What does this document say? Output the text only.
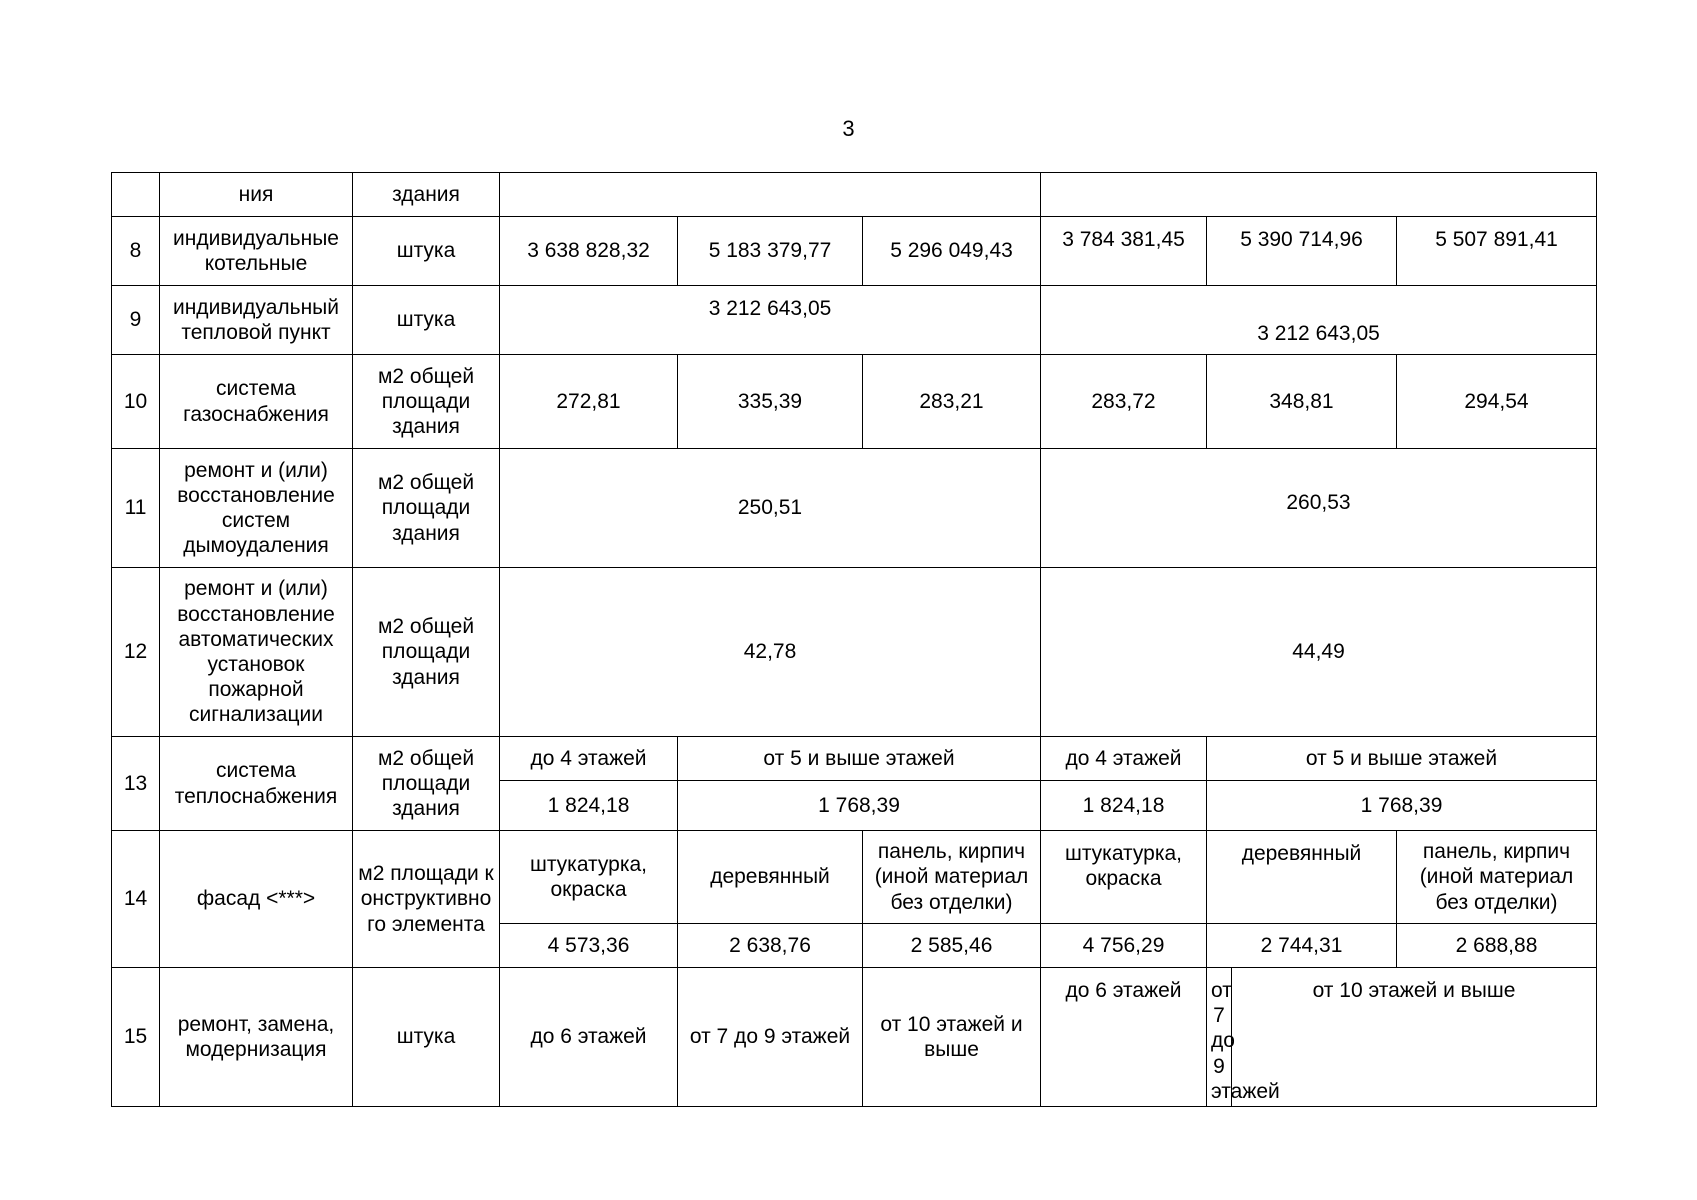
3
	ния	здания							
8	индивидуальные котельные	штука	3 638 828,32	5 183 379,77	5 296 049,43	3 784 381,45	5 390 714,96		5 507 891,41
9	индивидуальный тепловой пункт	штука	3 212 643,05			3 212 643,05			
10	система газоснабжения	м2 общей площади здания	272,81	335,39	283,21	283,72	348,81		294,54
11	ремонт и (или) восстановление систем дымоудаления	м2 общей площади здания	250,51			260,53			
12	ремонт и (или) восстановление автоматических установок пожарной сигнализации	м2 общей площади здания	42,78			44,49			
13	система теплоснабжения	м2 общей площади здания	до 4 этажей	от 5 и выше этажей		до 4 этажей	от 5 и выше этажей		
			1 824,18	1 768,39		1 824,18	1 768,39		
14	фасад <***>	м2 площади конструктивного элемента	штукатурка, окраска	деревянный	панель, кирпич (иной материал без отделки)	штукатурка, окраска	деревянный		панель, кирпич (иной материал без отделки)
			4 573,36	2 638,76	2 585,46	4 756,29	2 744,31		2 688,88
15	ремонт, замена, модернизация	штука	до 6 этажей	от 7 до 9 этажей	от 10 этажей и выше	до 6 этажей	от 7 до 9 этажей	от 10 этажей и выше	
